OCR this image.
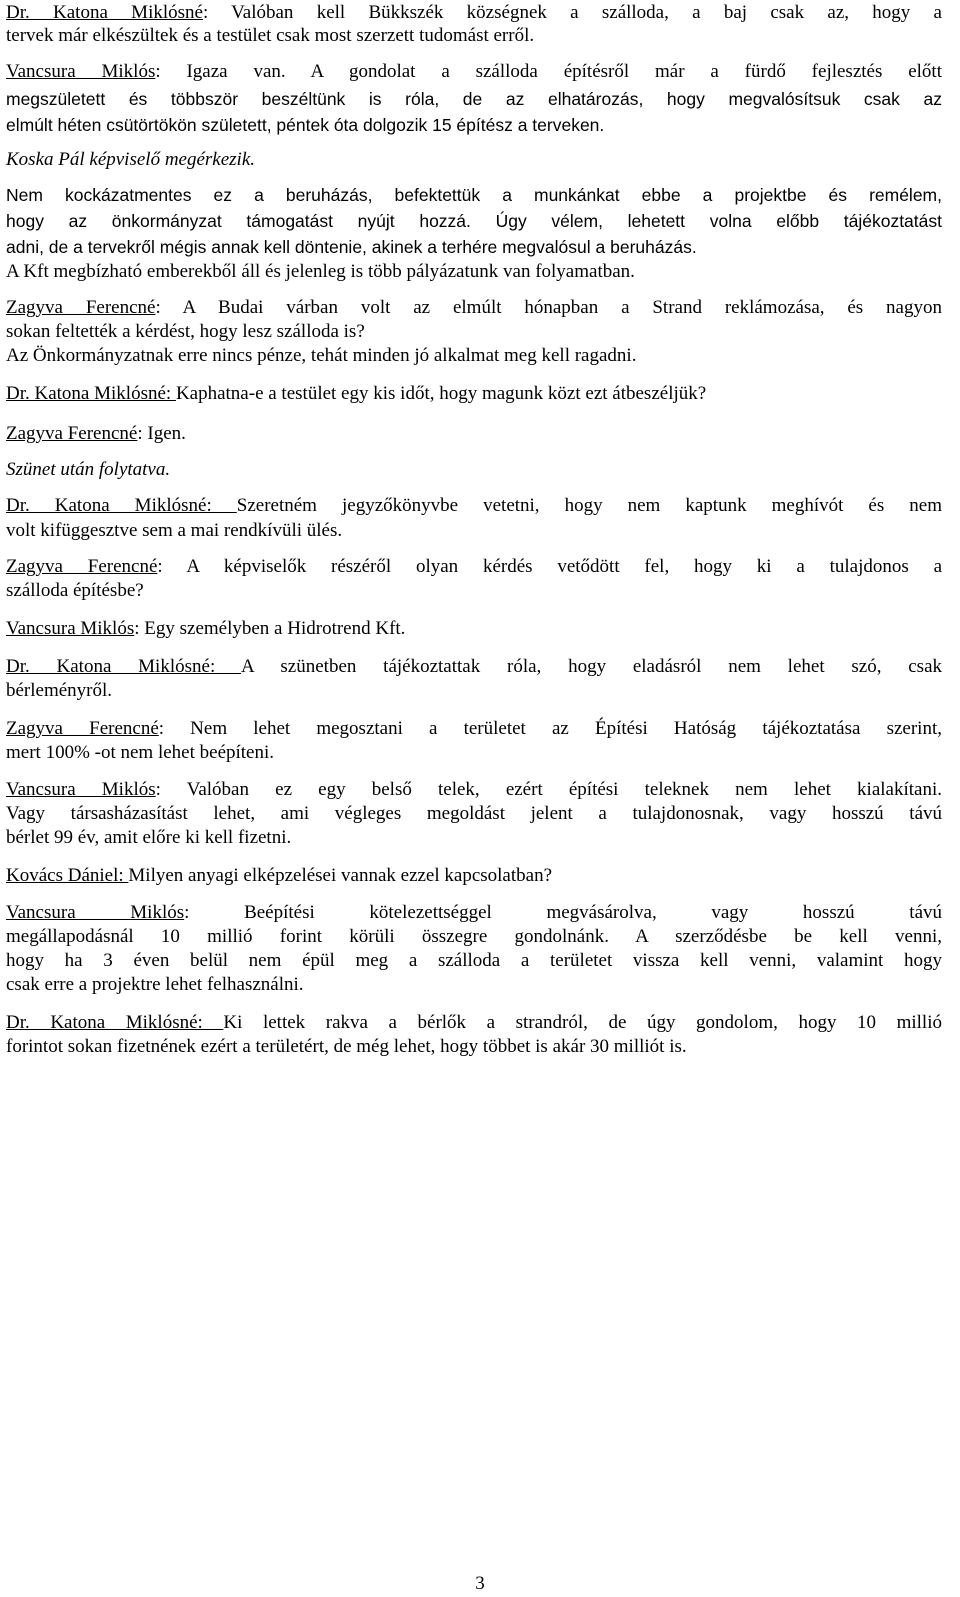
Dr. Katona Miklósné: Valóban kell Bükkszék községnek a szálloda, a baj csak az, hogy a
tervek már elkészültek és a testület csak most szerzett tudomást erről.
Vancsura Miklós: Igaza van. A gondolat a szálloda építésről már a fürdő fejlesztés előtt
megszületett és többször beszéltünk is róla, de az elhatározás, hogy megvalósítsuk csak az
elmúlt héten csütörtökön született, péntek óta dolgozik 15 építész a terveken.
Koska Pál képviselő megérkezik.
Nem kockázatmentes ez a beruházás, befektettük a munkánkat ebbe a projektbe és remélem,
hogy az önkormányzat támogatást nyújt hozzá. Úgy vélem, lehetett volna előbb tájékoztatást
adni, de a tervekről mégis annak kell döntenie, akinek a terhére megvalósul a beruházás.
A Kft megbízható emberekből áll és jelenleg is több pályázatunk van folyamatban.
Zagyva Ferencné: A Budai várban volt az elmúlt hónapban a Strand reklámozása, és nagyon
sokan feltették a kérdést, hogy lesz szálloda is?
Az Önkormányzatnak erre nincs pénze, tehát minden jó alkalmat meg kell ragadni.
Dr. Katona Miklósné: Kaphatna-e a testület egy kis időt, hogy magunk közt ezt átbeszéljük?
Zagyva Ferencné: Igen.
Szünet után folytatva.
Dr. Katona Miklósné: Szeretném jegyzőkönyvbe vetetni, hogy nem kaptunk meghívót és nem
volt kifüggesztve sem a mai rendkívüli ülés.
Zagyva Ferencné: A képviselők részéről olyan kérdés vetődött fel, hogy ki a tulajdonos a
szálloda építésbe?
Vancsura Miklós: Egy személyben a Hidrotrend Kft.
Dr. Katona Miklósné: A szünetben tájékoztattak róla, hogy eladásról nem lehet szó, csak
bérleményről.
Zagyva Ferencné: Nem lehet megosztani a területet az Építési Hatóság tájékoztatása szerint,
mert 100% -ot nem lehet beépíteni.
Vancsura Miklós: Valóban ez egy belső telek, ezért építési teleknek nem lehet kialakítani.
Vagy társasházasítást lehet, ami végleges megoldást jelent a tulajdonosnak, vagy hosszú távú
bérlet 99 év, amit előre ki kell fizetni.
Kovács Dániel: Milyen anyagi elképzelései vannak ezzel kapcsolatban?
Vancsura Miklós: Beépítési kötelezettséggel megvásárolva, vagy hosszú távú
megállapodásnál 10 millió forint körüli összegre gondolnánk. A szerződésbe be kell venni,
hogy ha 3 éven belül nem épül meg a szálloda a területet vissza kell venni, valamint hogy
csak erre a projektre lehet felhasználni.
Dr. Katona Miklósné: Ki lettek rakva a bérlők a strandról, de úgy gondolom, hogy 10 millió
forintot sokan fizetnének ezért a területért, de még lehet, hogy többet is akár 30 milliót is.
3
